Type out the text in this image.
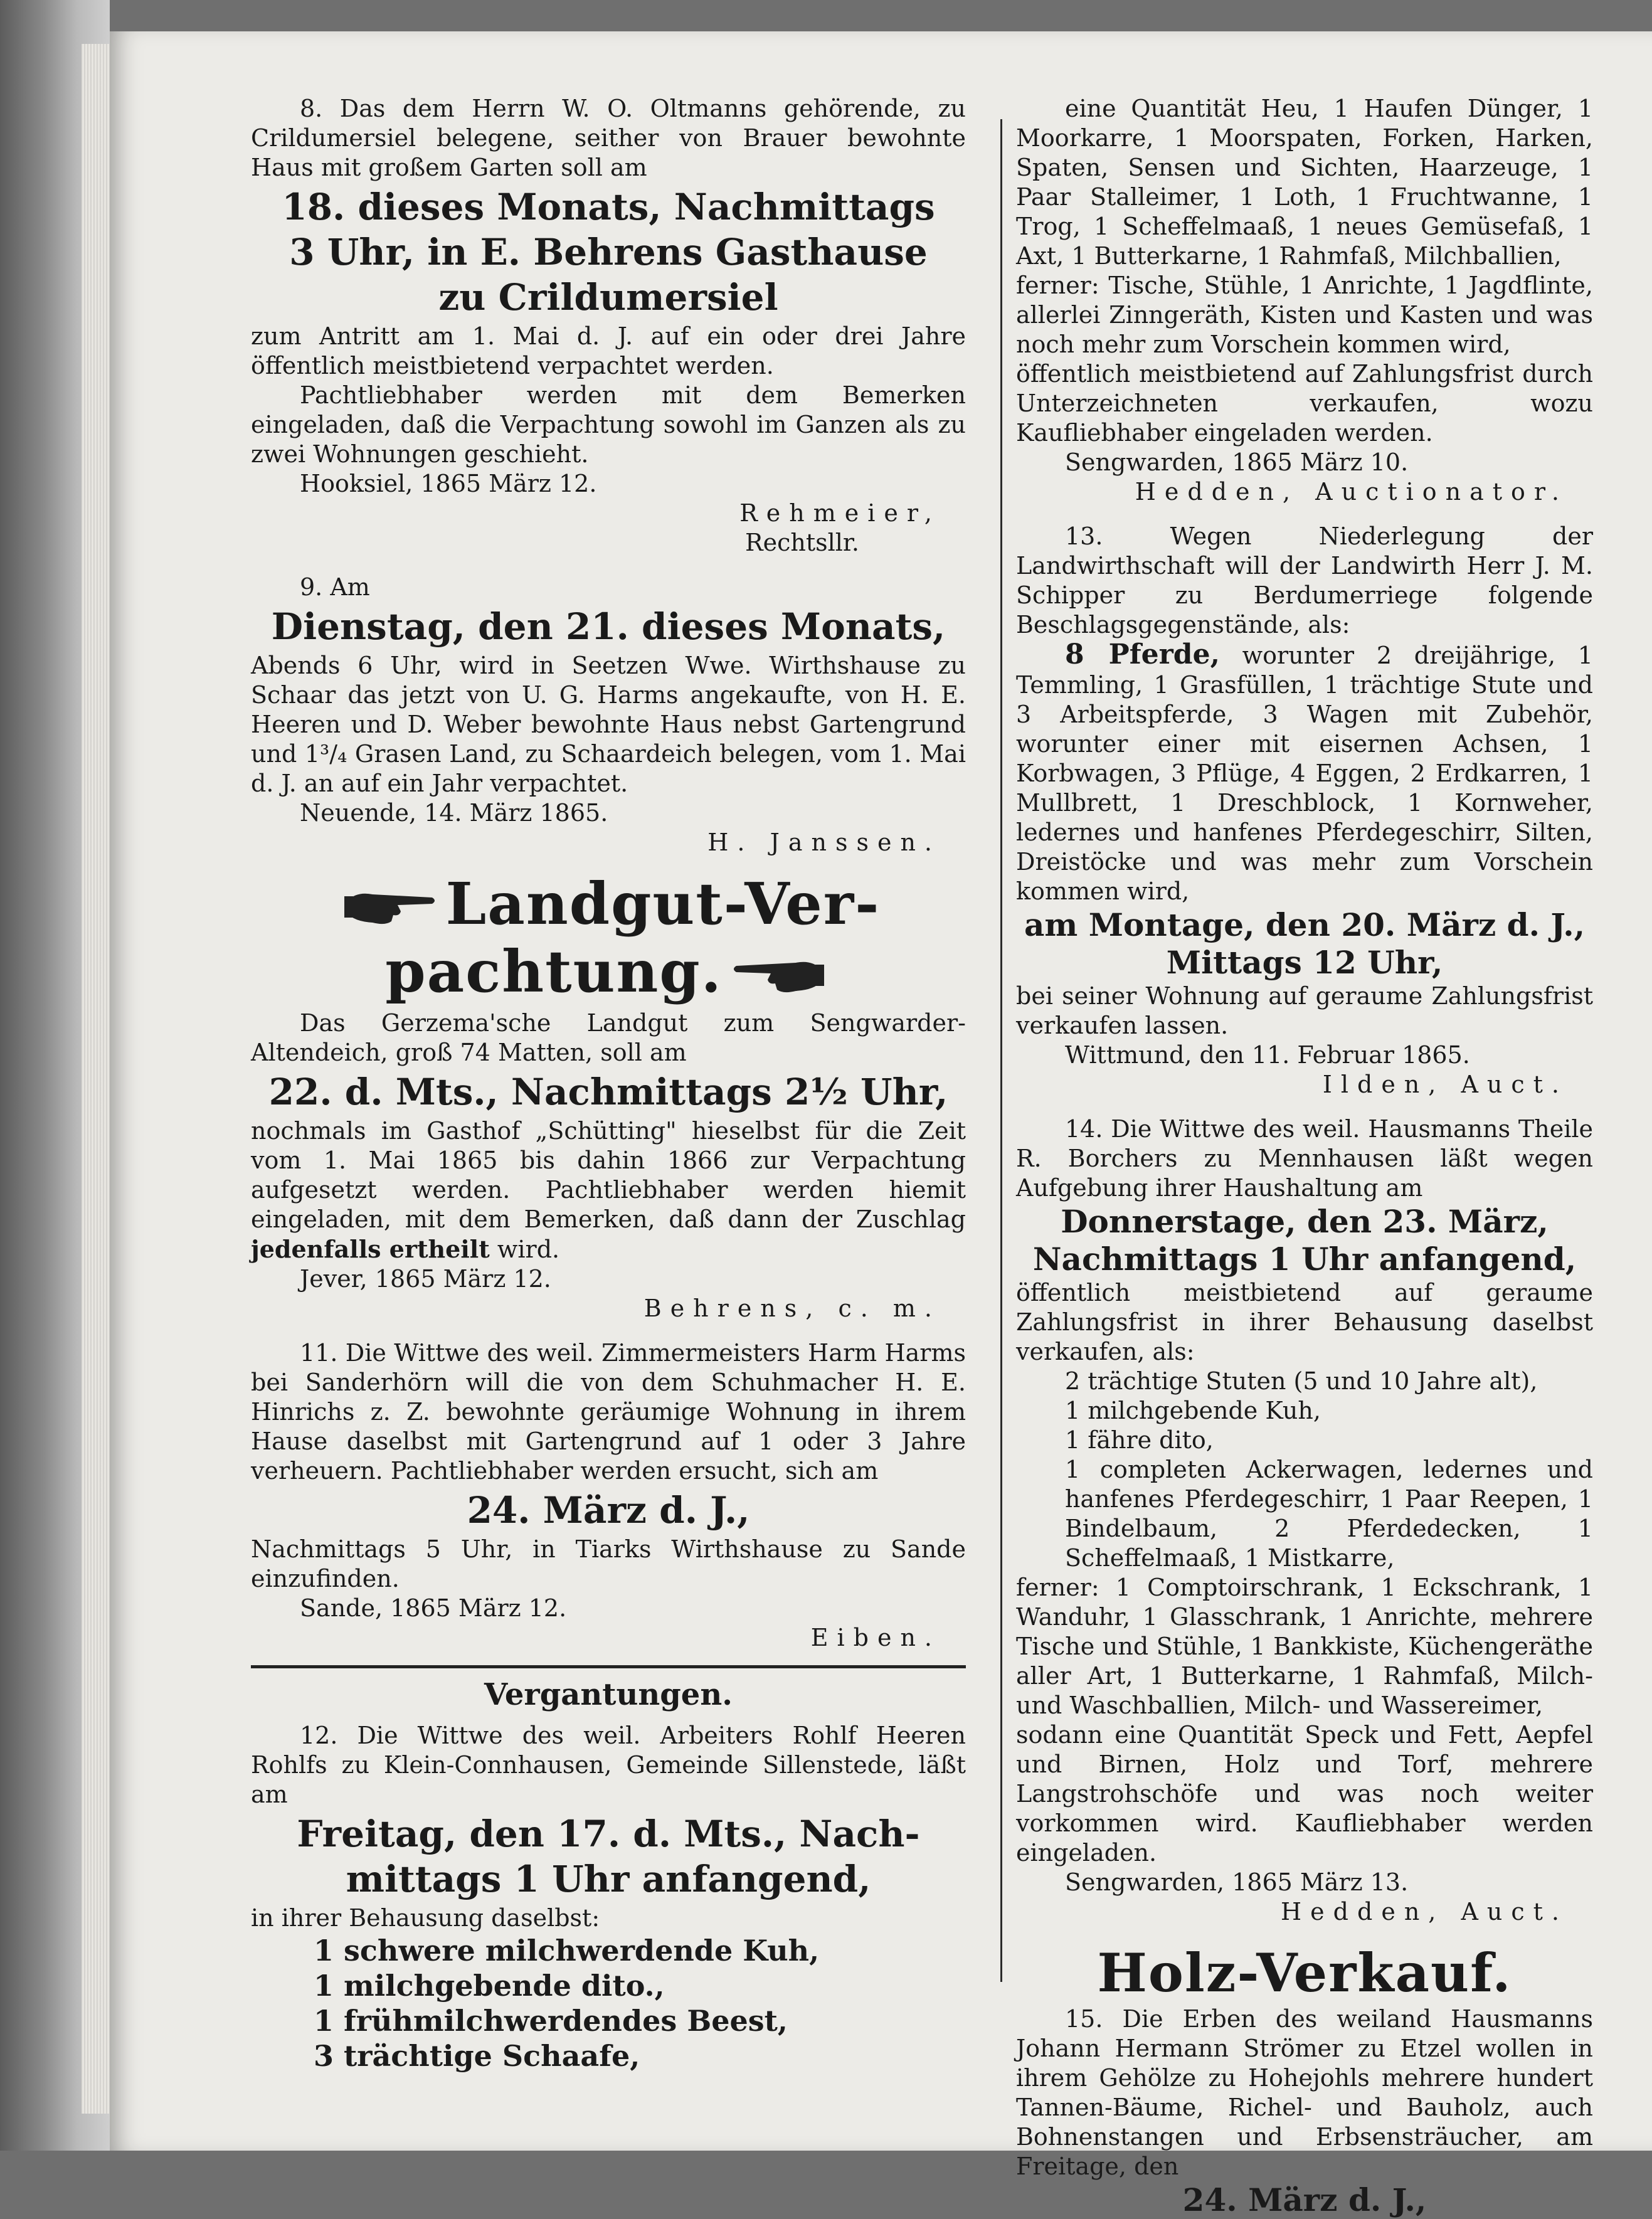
8. Das dem Herrn W. O. Oltmanns gehörende, zu Crildumersiel belegene, seither von Brauer bewohnte Haus mit großem Garten soll am

18. dieses Monats, Nachmittags
3 Uhr, in E. Behrens Gasthause
zu Crildumersiel

zum Antritt am 1. Mai d. J. auf ein oder drei Jahre öffentlich meistbietend verpachtet werden.

Pachtliebhaber werden mit dem Bemerken eingeladen, daß die Verpachtung sowohl im Ganzen als zu zwei Wohnungen geschieht.

Hooksiel, 1865 März 12.

Rehmeier,

Rechtsllr.

9. Am

Dienstag, den 21. dieses Monats,

Abends 6 Uhr, wird in Seetzen Wwe. Wirthshause zu Schaar das jetzt von U. G. Harms angekaufte, von H. E. Heeren und D. Weber bewohnte Haus nebst Gartengrund und 1³/₄ Grasen Land, zu Schaardeich belegen, vom 1. Mai d. J. an auf ein Jahr verpachtet.

Neuende, 14. März 1865.

H. Janssen.

Landgut-Ver-
pachtung.

Das Gerzema'sche Landgut zum Sengwarder-Altendeich, groß 74 Matten, soll am

22. d. Mts., Nachmittags 2½ Uhr,

nochmals im Gasthof „Schütting" hieselbst für die Zeit vom 1. Mai 1865 bis dahin 1866 zur Verpachtung aufgesetzt werden. Pachtliebhaber werden hiemit eingeladen, mit dem Bemerken, daß dann der Zuschlag jedenfalls ertheilt wird.

Jever, 1865 März 12.

Behrens, c. m.

11. Die Wittwe des weil. Zimmermeisters Harm Harms bei Sanderhörn will die von dem Schuhmacher H. E. Hinrichs z. Z. bewohnte geräumige Wohnung in ihrem Hause daselbst mit Gartengrund auf 1 oder 3 Jahre verheuern. Pachtliebhaber werden ersucht, sich am

24. März d. J.,

Nachmittags 5 Uhr, in Tiarks Wirthshause zu Sande einzufinden.

Sande, 1865 März 12.

Eiben.

Vergantungen.

12. Die Wittwe des weil. Arbeiters Rohlf Heeren Rohlfs zu Klein-Connhausen, Gemeinde Sillenstede, läßt am

Freitag, den 17. d. Mts., Nach-
mittags 1 Uhr anfangend,

in ihrer Behausung daselbst:

1 schwere milchwerdende Kuh,
1 milchgebende dito.,
1 frühmilchwerdendes Beest,
3 trächtige Schaafe,

eine Quantität Heu, 1 Haufen Dünger, 1 Moorkarre, 1 Moorspaten, Forken, Harken, Spaten, Sensen und Sichten, Haarzeuge, 1 Paar Stalleimer, 1 Loth, 1 Fruchtwanne, 1 Trog, 1 Scheffelmaaß, 1 neues Gemüsefaß, 1 Axt, 1 Butterkarne, 1 Rahmfaß, Milchballien,

ferner: Tische, Stühle, 1 Anrichte, 1 Jagdflinte, allerlei Zinngeräth, Kisten und Kasten und was noch mehr zum Vorschein kommen wird,

öffentlich meistbietend auf Zahlungsfrist durch Unterzeichneten verkaufen, wozu Kaufliebhaber eingeladen werden.

Sengwarden, 1865 März 10.

Hedden, Auctionator.

13. Wegen Niederlegung der Landwirthschaft will der Landwirth Herr J. M. Schipper zu Berdumerriege folgende Beschlagsgegenstände, als:

8 Pferde, worunter 2 dreijährige, 1 Temmling, 1 Grasfüllen, 1 trächtige Stute und 3 Arbeitspferde, 3 Wagen mit Zubehör, worunter einer mit eisernen Achsen, 1 Korbwagen, 3 Pflüge, 4 Eggen, 2 Erdkarren, 1 Mullbrett, 1 Dreschblock, 1 Kornweher, ledernes und hanfenes Pferdegeschirr, Silten, Dreistöcke und was mehr zum Vorschein kommen wird,

am Montage, den 20. März d. J.,
Mittags 12 Uhr,

bei seiner Wohnung auf geraume Zahlungsfrist verkaufen lassen.

Wittmund, den 11. Februar 1865.

Ilden, Auct.

14. Die Wittwe des weil. Hausmanns Theile R. Borchers zu Mennhausen läßt wegen Aufgebung ihrer Haushaltung am

Donnerstage, den 23. März,
Nachmittags 1 Uhr anfangend,

öffentlich meistbietend auf geraume Zahlungsfrist in ihrer Behausung daselbst verkaufen, als:

2 trächtige Stuten (5 und 10 Jahre alt),

1 milchgebende Kuh,

1 fähre dito,

1 completen Ackerwagen, ledernes und hanfenes Pferdegeschirr, 1 Paar Reepen, 1 Bindelbaum, 2 Pferdedecken, 1 Scheffelmaaß, 1 Mistkarre,

ferner: 1 Comptoirschrank, 1 Eckschrank, 1 Wanduhr, 1 Glasschrank, 1 Anrichte, mehrere Tische und Stühle, 1 Bankkiste, Küchengeräthe aller Art, 1 Butterkarne, 1 Rahmfaß, Milch- und Waschballien, Milch- und Wassereimer,

sodann eine Quantität Speck und Fett, Aepfel und Birnen, Holz und Torf, mehrere Langstrohschöfe und was noch weiter vorkommen wird. Kaufliebhaber werden eingeladen.

Sengwarden, 1865 März 13.

Hedden, Auct.

Holz-Verkauf.

15. Die Erben des weiland Hausmanns Johann Hermann Strömer zu Etzel wollen in ihrem Gehölze zu Hohejohls mehrere hundert Tannen-Bäume, Richel- und Bauholz, auch Bohnenstangen und Erbsensträucher, am Freitage, den

24. März d. J.,
